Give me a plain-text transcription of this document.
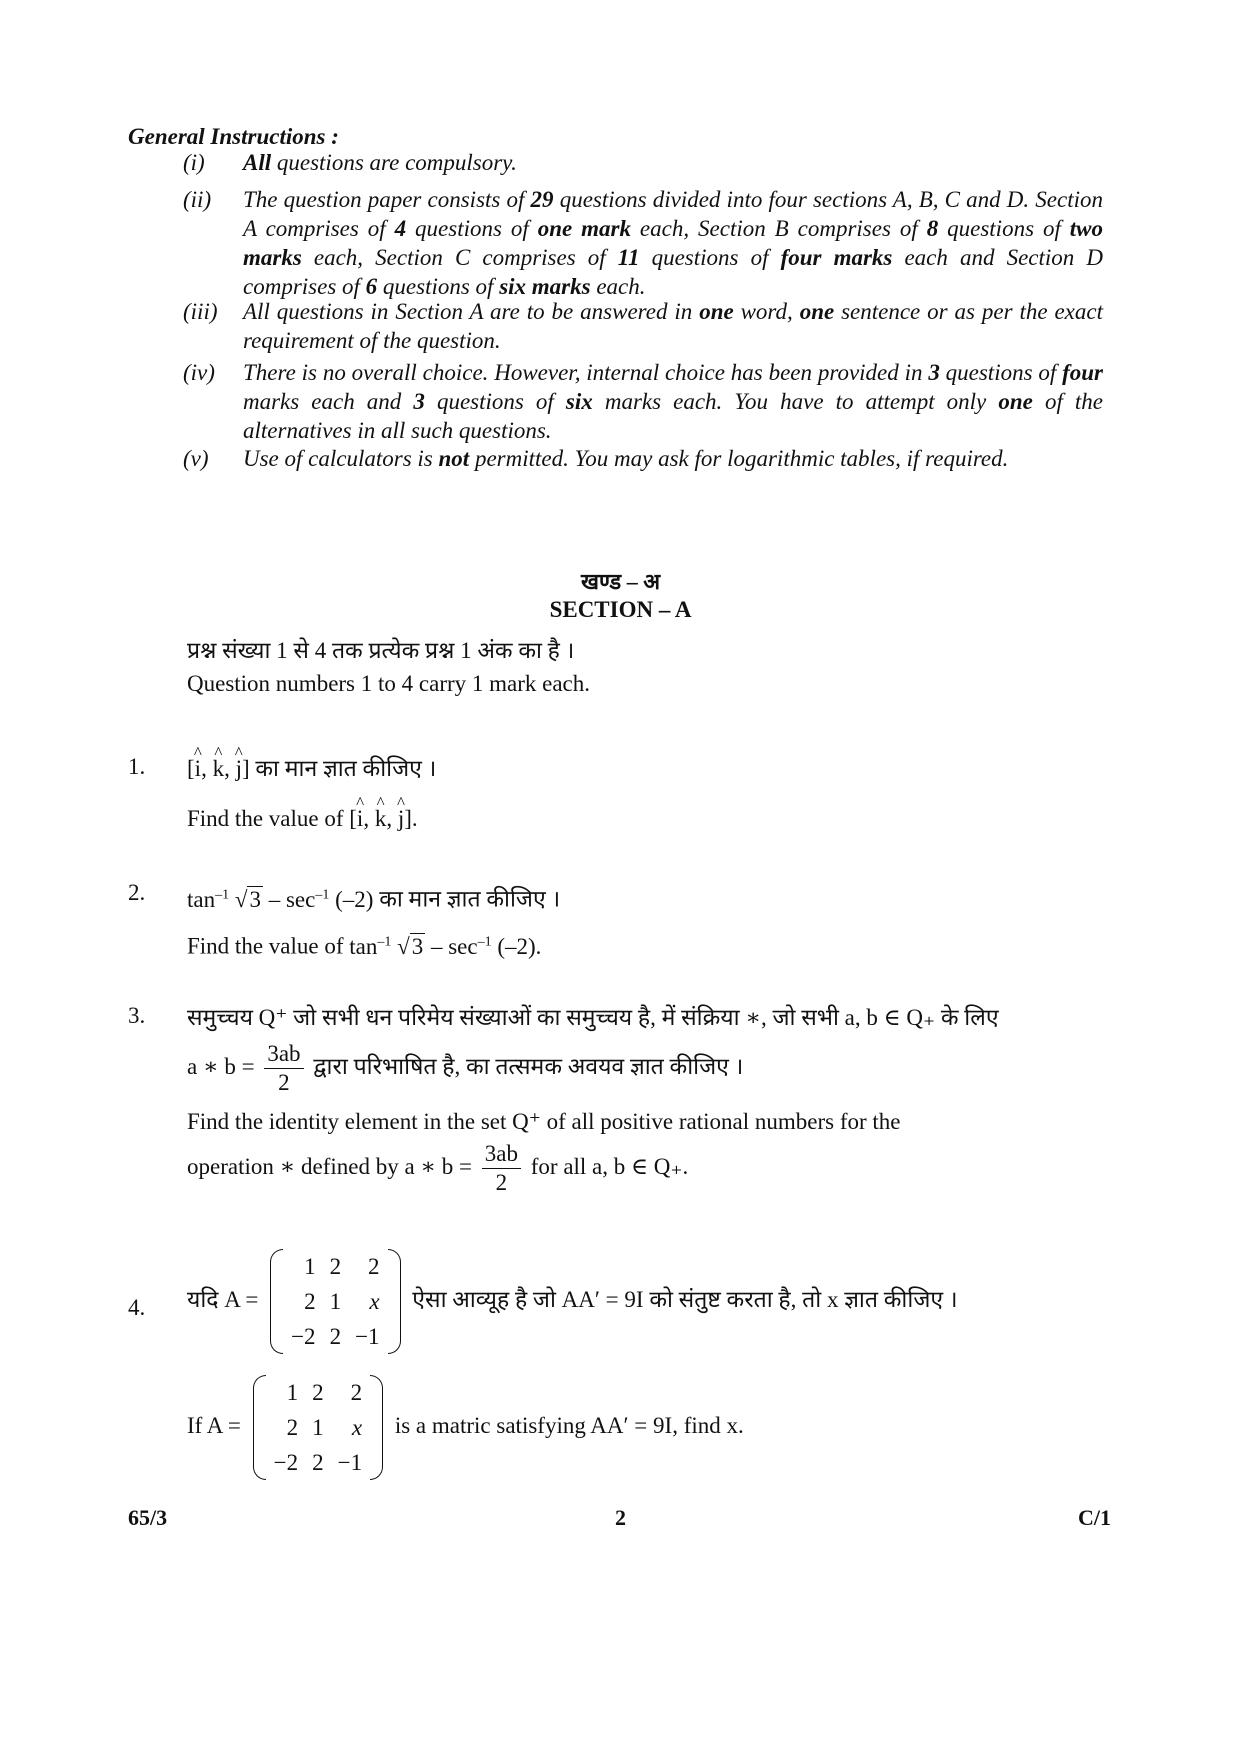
General Instructions :
(i)	All questions are compulsory.
(ii)	The question paper consists of 29 questions divided into four sections A, B, C and D. Section A comprises of 4 questions of one mark each, Section B comprises of 8 questions of two marks each, Section C comprises of 11 questions of four marks each and Section D comprises of 6 questions of six marks each.
(iii)	All questions in Section A are to be answered in one word, one sentence or as per the exact requirement of the question.
(iv)	There is no overall choice. However, internal choice has been provided in 3 questions of four marks each and 3 questions of six marks each. You have to attempt only one of the alternatives in all such questions.
(v)	Use of calculators is not permitted. You may ask for logarithmic tables, if required.
खण्ड – अ
SECTION – A
प्रश्न संख्या 1 से 4 तक प्रत्येक प्रश्न 1 अंक का है ।
Question numbers 1 to 4 carry 1 mark each.
1. [^ i, ^ k, ^ j] का मान ज्ञात कीजिए ।
Find the value of [^ i, ^ k, ^ j].
2. $\tan^{-1} √3 - \sec^{-1} (-2)$ का मान ज्ञात कीजिए ।
Find the value of $\tan^{-1} √3 - \sec^{-1} (-2)$.
3. समुच्चय Q⁺ जो सभी धन परिमेय संख्याओं का समुच्चय है, में संक्रिया ∗, जो सभी a, b ∈ Q₊ के लिए
a ∗ $b = \frac{3ab}{2}$ द्वारा परिभाषित है, का तत्समक अवयव ज्ञात कीजिए ।
Find the identity element in the set Q⁺ of all positive rational numbers for the
operation ∗ defined by a ∗ $b = \frac{3ab}{2}$ for all a, b ∈ Q₊.
4. यदि A =
1	2	2
2	1	x
−2	2	−1
ऐसा आव्यूह है जो AA′ = 9I को संतुष्ट करता है, तो x ज्ञात कीजिए ।
If A =
1	2	2
2	1	x
−2	2	−1
is a matric satisfying AA′ = 9I, find x.
65/3	2	C/1
